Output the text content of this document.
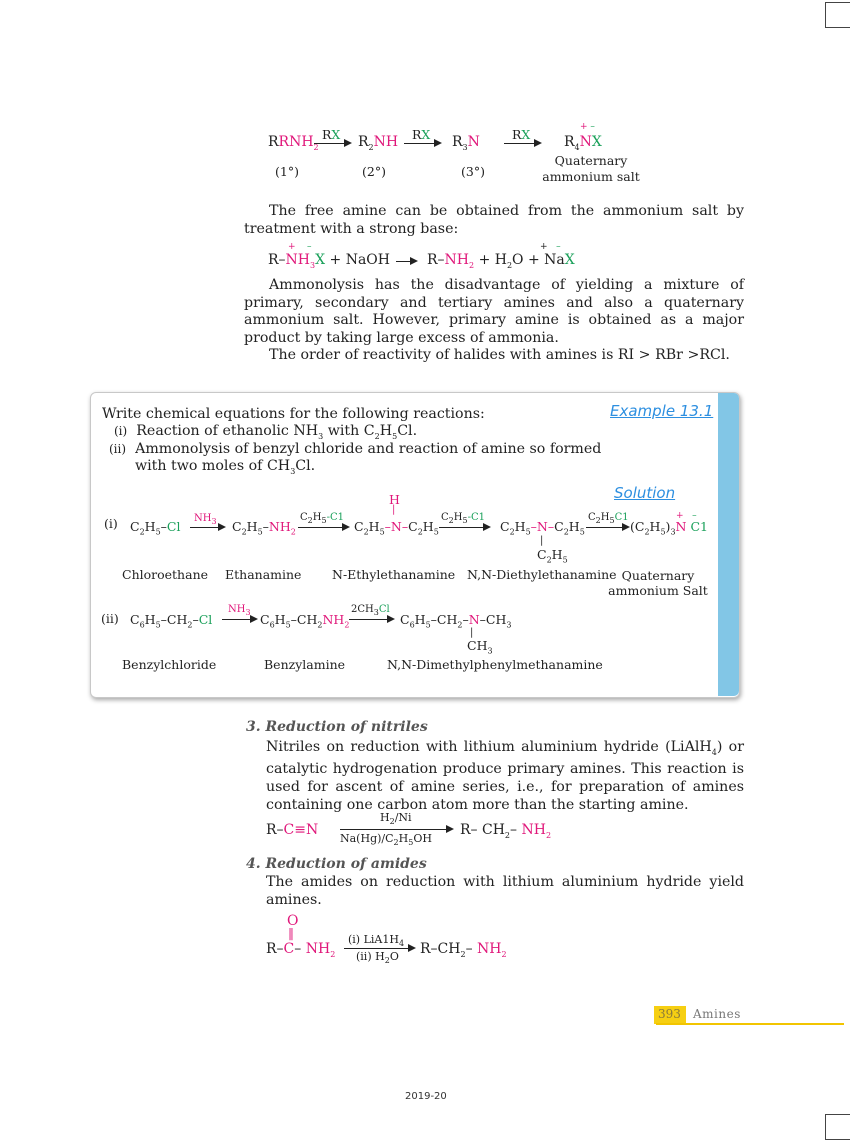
$RRNH_2$
RX $R_2NH$ RX $R_3N$	RX	+ –
$R_4NX$
(1°)	(2°)	(3°)
Quaternary
ammonium salt
The free amine can be obtained from the ammonium salt by treatment with a strong base:
+ –
$R-NH_3X$ + NaOH	$R-NH_2 + H_2O$ + NaX
+ –
Ammonolysis has the disadvantage of yielding a mixture of primary, secondary and tertiary amines and also a quaternary ammonium salt. However, primary amine is obtained as a major product by taking large excess of ammonia.
The order of reactivity of halides with amines is RI > RBr >RCl.
Example 13.1
Write chemical equations for the following reactions:
(i) Reaction of ethanolic $NH_3$ with $C_2H_5Cl$.
(ii) Ammonolysis of benzyl chloride and reaction of amine so formed
with two moles of $CH_3Cl$.
Solution
(i) $C_2H_5-Cl$
$NH_3$ $C_2H_5-NH_2$
$C_2H_5-C1$
H
|
$C_2H_5-N-C_2H_5$
$C_2H_5-C1$
$C_2H_5-N-C_2H_5$
|
$C_2H_5$
$C_2H_5C1$	+ –
$(C_2H_5)_3N$ C1
Chloroethane Ethanamine N-Ethylethanamine N,N-Diethylethanamine Quaternary
ammonium Salt
(ii) $C_6H_5-CH_2-Cl$
$NH_3$ $C_6H_5-CH_2NH_2$
$2CH_3Cl$
$C_6H_5-CH_2-N-CH_3$
|
$CH_3$
Benzylchloride	Benzylamine	N,N-Dimethylphenylmethanamine
3. Reduction of nitriles
Nitriles on reduction with lithium aluminium hydride (LiAlH$_4$) or catalytic hydrogenation produce primary amines. This reaction is used for ascent of amine series, i.e., for preparation of amines containing one carbon atom more than the starting amine.
R–C≡N
$H_2/Ni$
$Na(Hg)/C_2H_5OH$
R– $CH_2-$ $NH_2$
4. Reduction of amides
The amides on reduction with lithium aluminium hydride yield amines.
O
‖
R–C– $NH_2$
(i) $LiA1H_4$
(ii) $H_2O$ $R-CH_2-$ $NH_2$
393 Amines
2019-20
